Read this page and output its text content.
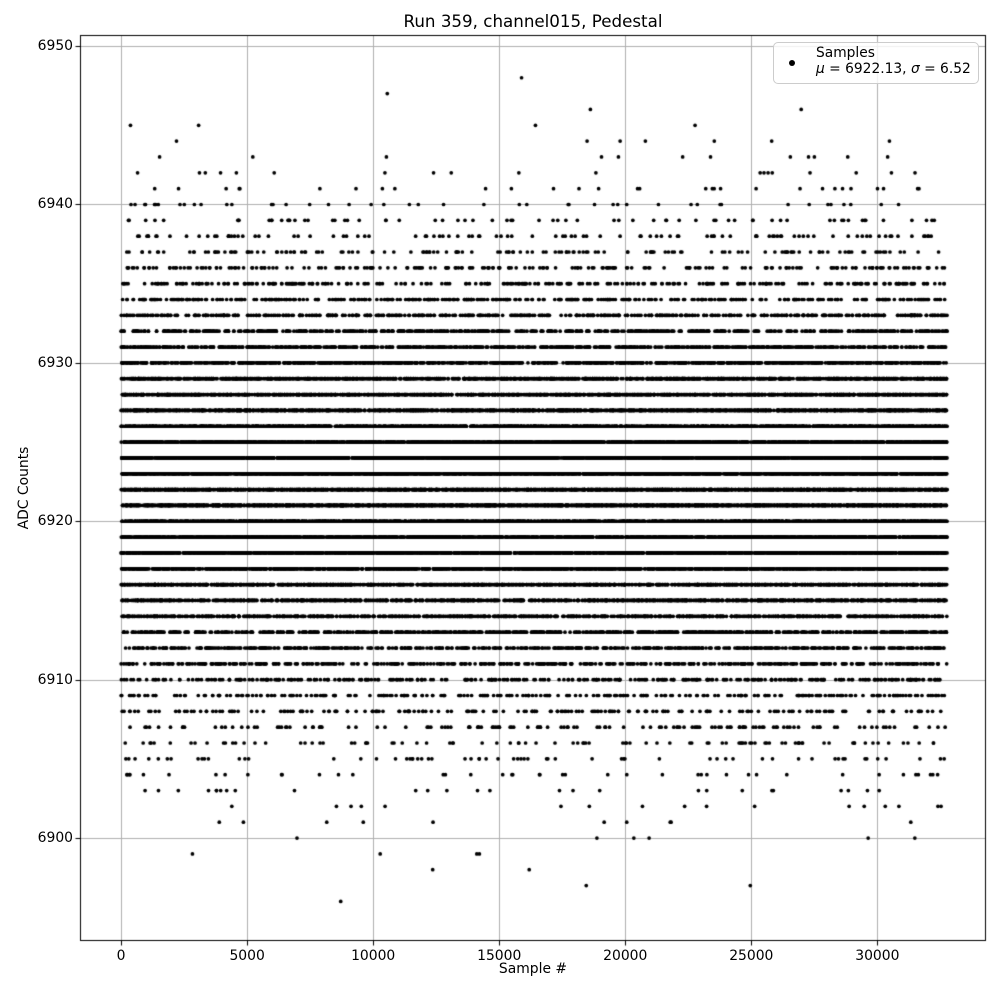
Run 359, channel015, Pedestal
Sample #
ADC Counts
0	5000	10000	15000	20000	25000	30000
6900
6910
6920
6930
6940
6950	Samples
μ = 6922.13, σ = 6.52
